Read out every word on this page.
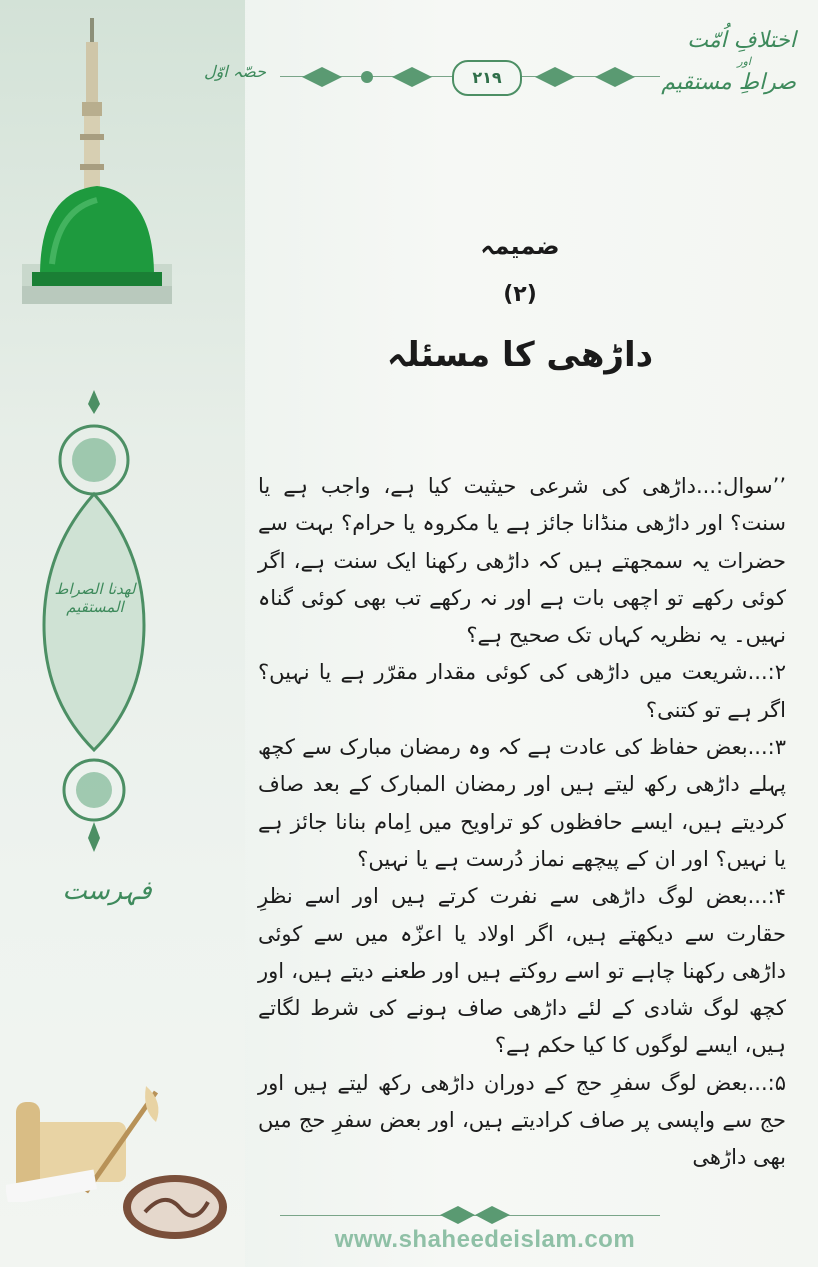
لهدنا الصراط المستقيم
فہرست
۲۱۹
حصّہ اوّل
اختلافِ اُمّت
اور
صراطِ مستقیم
ضمیمہ
(۲)
داڑھی کا مسئلہ

’’سوال:...داڑھی کی شرعی حیثیت کیا ہے، واجب ہے یا سنت؟ اور داڑھی منڈانا جائز ہے یا مکروہ یا حرام؟ بہت سے حضرات یہ سمجھتے ہیں کہ داڑھی رکھنا ایک سنت ہے، اگر کوئی رکھے تو اچھی بات ہے اور نہ رکھے تب بھی کوئی گناہ نہیں۔ یہ نظریہ کہاں تک صحیح ہے؟

۲:...شریعت میں داڑھی کی کوئی مقدار مقرّر ہے یا نہیں؟ اگر ہے تو کتنی؟

۳:...بعض حفاظ کی عادت ہے کہ وہ رمضان مبارک سے کچھ پہلے داڑھی رکھ لیتے ہیں اور رمضان المبارک کے بعد صاف کردیتے ہیں، ایسے حافظوں کو تراویح میں اِمام بنانا جائز ہے یا نہیں؟ اور ان کے پیچھے نماز دُرست ہے یا نہیں؟

۴:...بعض لوگ داڑھی سے نفرت کرتے ہیں اور اسے نظرِ حقارت سے دیکھتے ہیں، اگر اولاد یا اعزّہ میں سے کوئی داڑھی رکھنا چاہے تو اسے روکتے ہیں اور طعنے دیتے ہیں، اور کچھ لوگ شادی کے لئے داڑھی صاف ہونے کی شرط لگاتے ہیں، ایسے لوگوں کا کیا حکم ہے؟

۵:...بعض لوگ سفرِ حج کے دوران داڑھی رکھ لیتے ہیں اور حج سے واپسی پر صاف کرادیتے ہیں، اور بعض سفرِ حج میں بھی داڑھی

www.shaheedeislam.com
